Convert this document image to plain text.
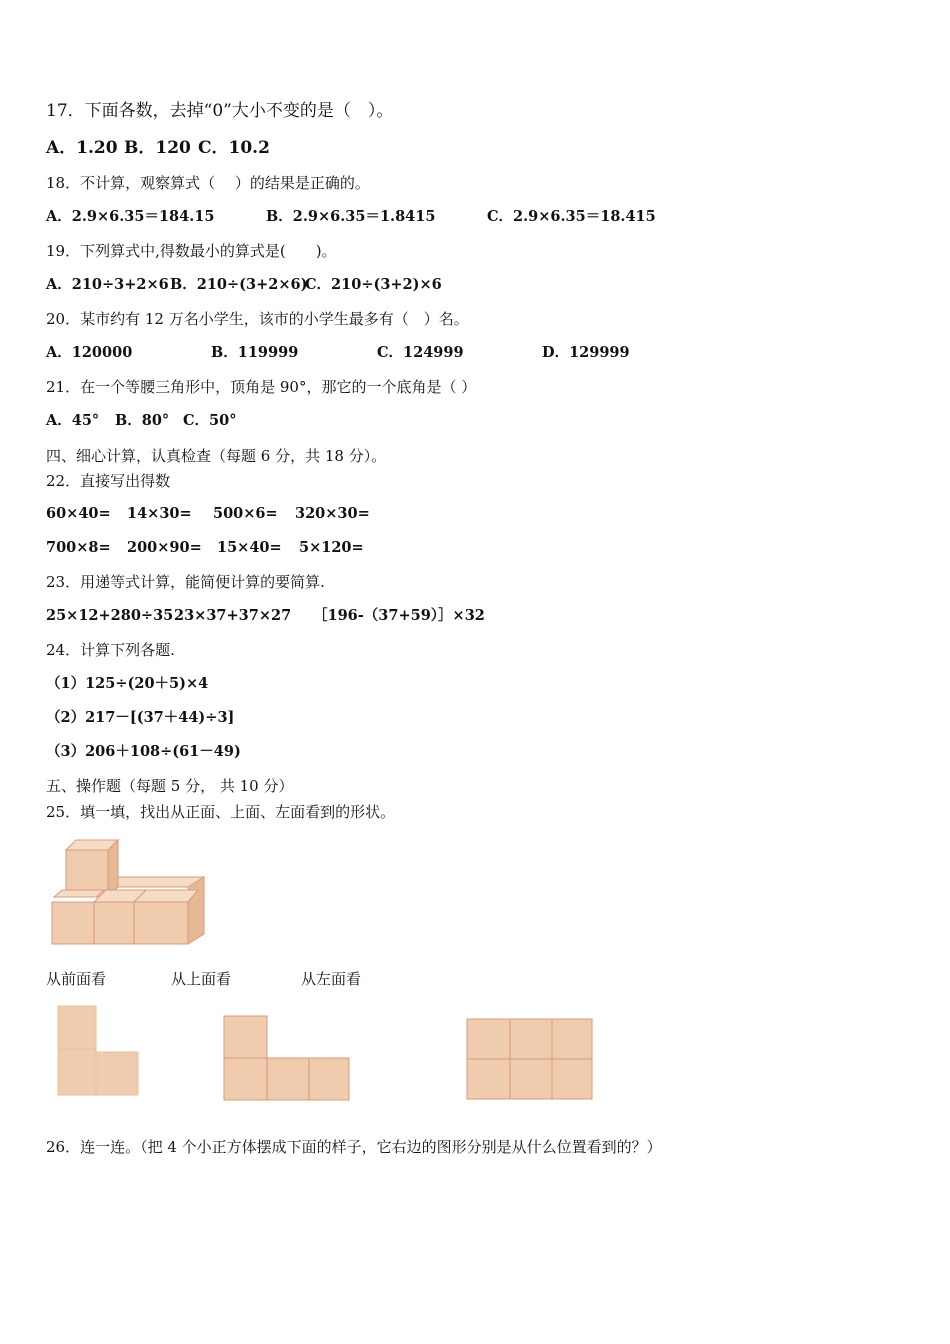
17．下面各数，去掉“0”大小不变的是（　）。
A．1.20 B．120 C．10.2
18．不计算，观察算式（　 ）的结果是正确的。
A．2.9×6.35＝184.15	B．2.9×6.35＝1.8415	C．2.9×6.35＝18.415
19．下列算式中,得数最小的算式是(　　)。
A．210÷3+2×6 B．210÷(3+2×6)
C．210÷(3+2)×6
20．某市约有 12 万名小学生，该市的小学生最多有（　）名。
A．120000	B．119999	C．124999	D．129999
21．在一个等腰三角形中，顶角是 90°，那它的一个底角是（ ）
A．45° B．80° C．50°
四、细心计算，认真检查（每题 6 分，共 18 分）。
22．直接写出得数
60×40= 14×30= 500×6= 320×30=
700×8= 200×90= 15×40= 5×120=
23．用递等式计算，能简便计算的要简算.
25×12+280÷35 23×37+37×27 ［196-（37+59）］×32
24．计算下列各题.
（1）125÷(20＋5)×4
（2）217－[(37＋44)÷3]
（3）206＋108÷(61－49)
五、操作题（每题 5 分， 共 10 分）
25．填一填，找出从正面、上面、左面看到的形状。
从前面看	从上面看	从左面看
26．连一连。（把 4 个小正方体摆成下面的样子，它右边的图形分别是从什么位置看到的？）
